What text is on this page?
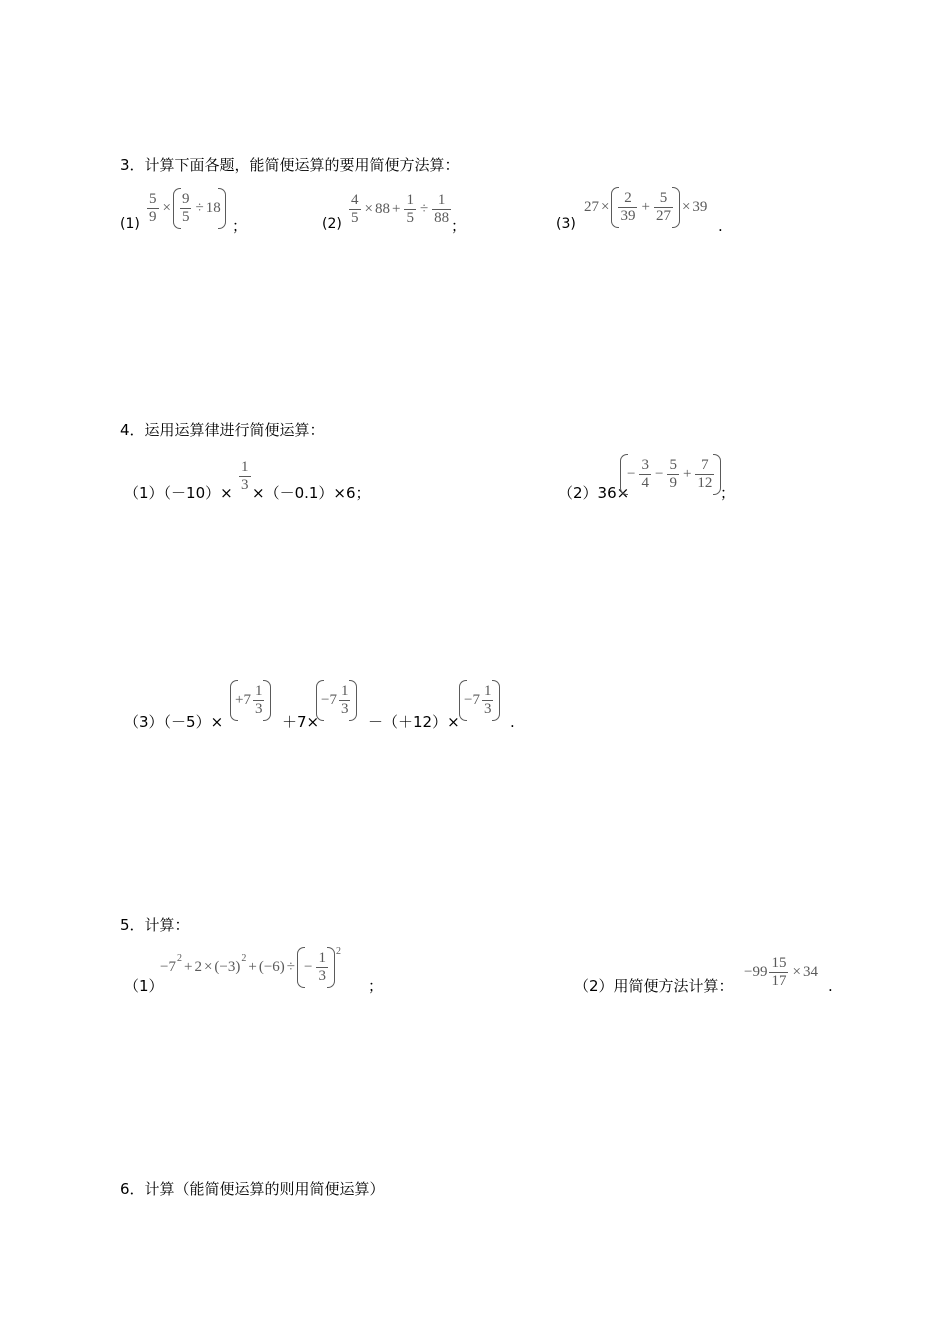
3．计算下面各题，能简便运算的要用简便方法算：
$(1) \frac{5}{9} \times \frac{9}{5} \div 18$
；	$(2) \frac{4}{5} \times 88 + \frac{1}{5} \div \frac{1}{88}$ ；	(3)
$27 \times \frac{2}{39} + \frac{5}{27} \times 39$
.
4．运用运算律进行简便运算：
$(1)(-10)\times \frac{1}{3} \times(-0.1)\times 6$；	（2）36×
− $\frac{3}{4} - \frac{5}{9} + \frac{7}{12}$
；
（3）（－5）×
$+7 \frac{1}{3}$
＋7×
$-7 \frac{1}{3}$
－（＋12）×
$-7 \frac{1}{3}$
.
5．计算：
（1）
−7
2
+ 2 × (−3)
2
+ (−6) ÷ − $\frac{1}{3} 2$
；	（2）用简便方法计算：
$-99 \frac{15}{17} \times 34$
.
6．计算（能简便运算的则用简便运算）
